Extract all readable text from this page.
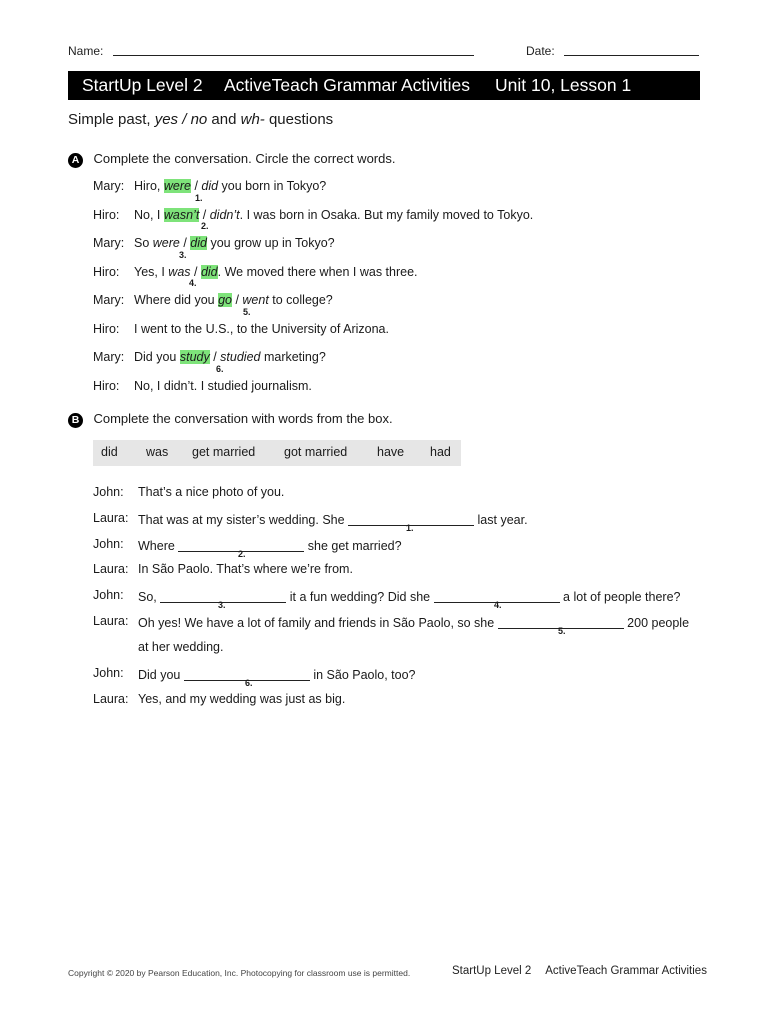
Name:	Date:
StartUp Level 2 ActiveTeach Grammar Activities Unit 10, Lesson 1
Simple past, yes / no and wh- questions
A Complete the conversation. Circle the correct words.
Mary: Hiro, were / did you born in Tokyo?
1.
Hiro: No, I wasn’t / didn’t. I was born in Osaka. But my family moved to Tokyo.
2.
Mary: So were / did you grow up in Tokyo?
3.
Hiro: Yes, I was / did. We moved there when I was three.
4.
Mary: Where did you go / went to college?
5.
Hiro: I went to the U.S., to the University of Arizona.
Mary: Did you study / studied marketing?
6.
Hiro: No, I didn’t. I studied journalism.
B Complete the conversation with words from the box.
did was get married got married have had
John: That’s a nice photo of you.
Laura: That was at my sister’s wedding. She	last year.
1.
John: Where	she get married?
2.
Laura: In São Paolo. That’s where we’re from.
John: So,	it a fun wedding? Did she	a lot of people there?
3.	4.
Laura: Oh yes! We have a lot of family and friends in São Paolo, so she	200 people
5.
at her wedding.
John: Did you	in São Paolo, too?
6.
Laura: Yes, and my wedding was just as big.
Copyright © 2020 by Pearson Education, Inc. Photocopying for classroom use is permitted.	StartUp Level 2 ActiveTeach Grammar Activities
